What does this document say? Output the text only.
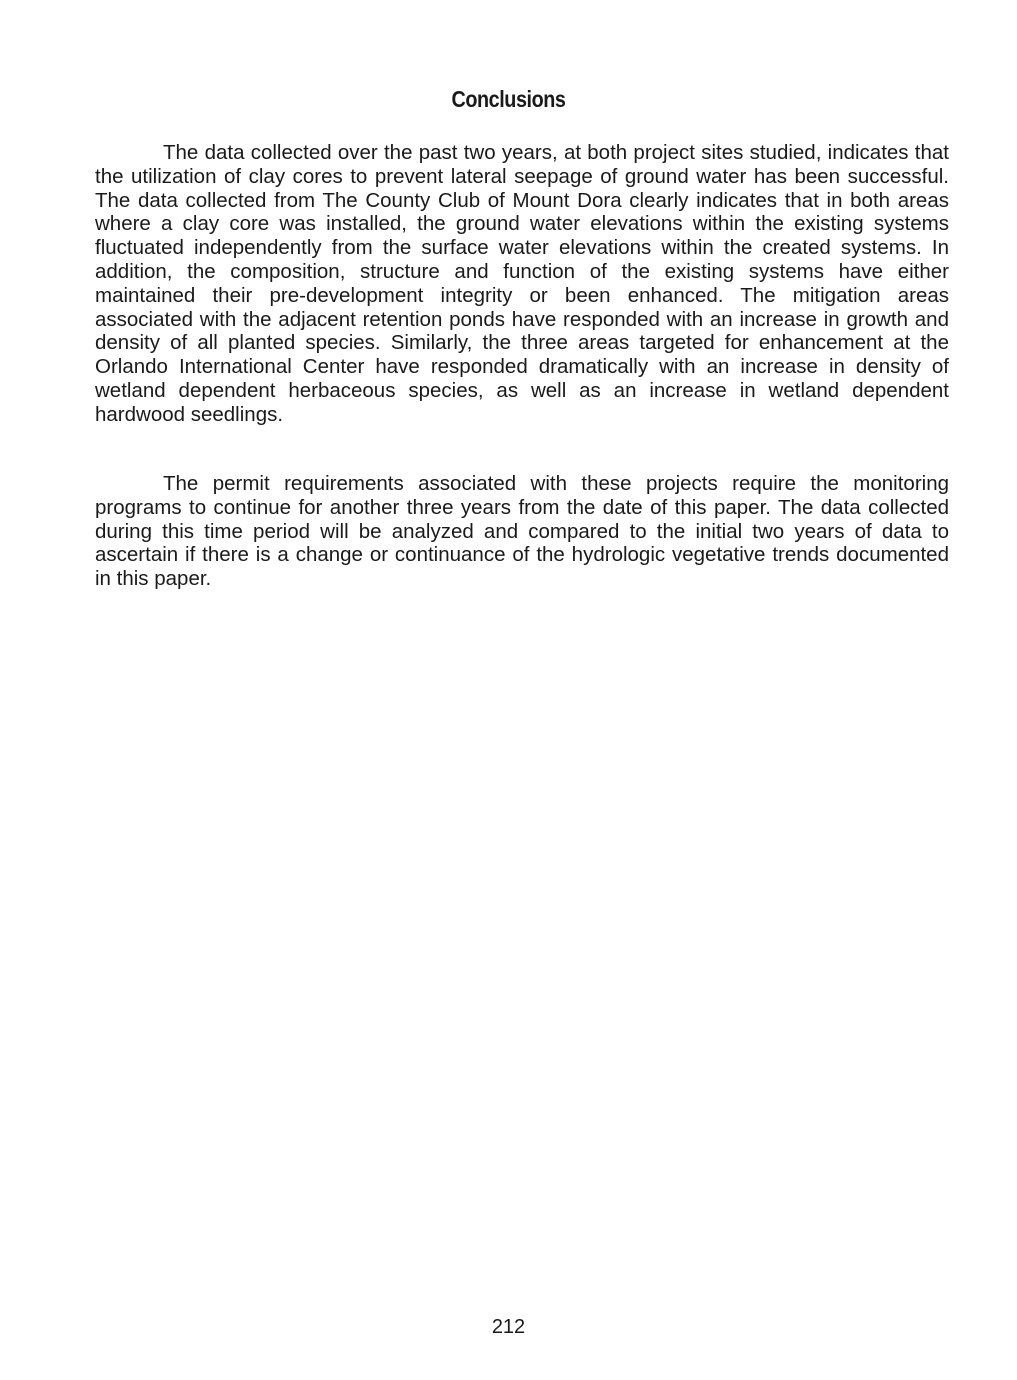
Conclusions

The data collected over the past two years, at both project sites studied, indicates that the utilization of clay cores to prevent lateral seepage of ground water has been successful. The data collected from The County Club of Mount Dora clearly indicates that in both areas where a clay core was installed, the ground water elevations within the existing systems fluctuated independently from the surface water elevations within the created systems. In addition, the composition, structure and function of the existing systems have either maintained their pre-development integrity or been enhanced. The mitigation areas associated with the adjacent retention ponds have responded with an increase in growth and density of all planted species. Similarly, the three areas targeted for enhancement at the Orlando International Center have responded dramatically with an increase in density of wetland dependent herbaceous species, as well as an increase in wetland dependent hardwood seedlings.

The permit requirements associated with these projects require the monitoring programs to continue for another three years from the date of this paper. The data collected during this time period will be analyzed and compared to the initial two years of data to ascertain if there is a change or continuance of the hydrologic vegetative trends documented in this paper.

212
